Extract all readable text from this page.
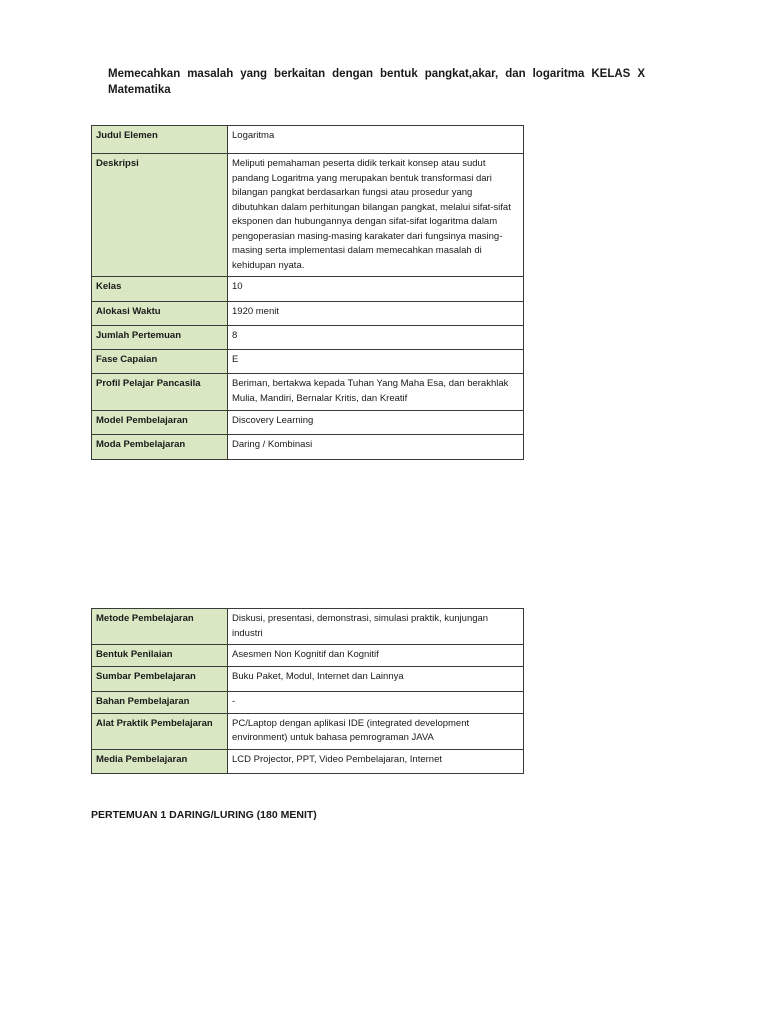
Memecahkan masalah yang berkaitan dengan bentuk pangkat,akar, dan logaritma KELAS X Matematika

Judul Elemen	Logaritma
Deskripsi	Meliputi pemahaman peserta didik terkait konsep atau sudut pandang Logaritma yang merupakan bentuk transformasi dari bilangan pangkat berdasarkan fungsi atau prosedur yang dibutuhkan dalam perhitungan bilangan pangkat, melalui sifat-sifat eksponen dan hubungannya dengan sifat-sifat logaritma dalam pengoperasian masing-masing karakater dari fungsinya masing-masing serta implementasi dalam memecahkan masalah di kehidupan nyata.
Kelas	10
Alokasi Waktu	1920 menit
Jumlah Pertemuan	8
Fase Capaian	E
Profil Pelajar Pancasila	Beriman, bertakwa kepada Tuhan Yang Maha Esa, dan berakhlak Mulia, Mandiri, Bernalar Kritis, dan Kreatif
Model Pembelajaran	Discovery Learning
Moda Pembelajaran	Daring / Kombinasi
Metode Pembelajaran	Diskusi, presentasi, demonstrasi, simulasi praktik, kunjungan industri
Bentuk Penilaian	Asesmen Non Kognitif dan Kognitif
Sumbar Pembelajaran	Buku Paket, Modul, Internet dan Lainnya
Bahan Pembelajaran	-
Alat Praktik Pembelajaran	PC/Laptop dengan aplikasi IDE (integrated development environment) untuk bahasa pemrograman JAVA
Media Pembelajaran	LCD Projector, PPT, Video Pembelajaran, Internet

PERTEMUAN 1 DARING/LURING (180 MENIT)
